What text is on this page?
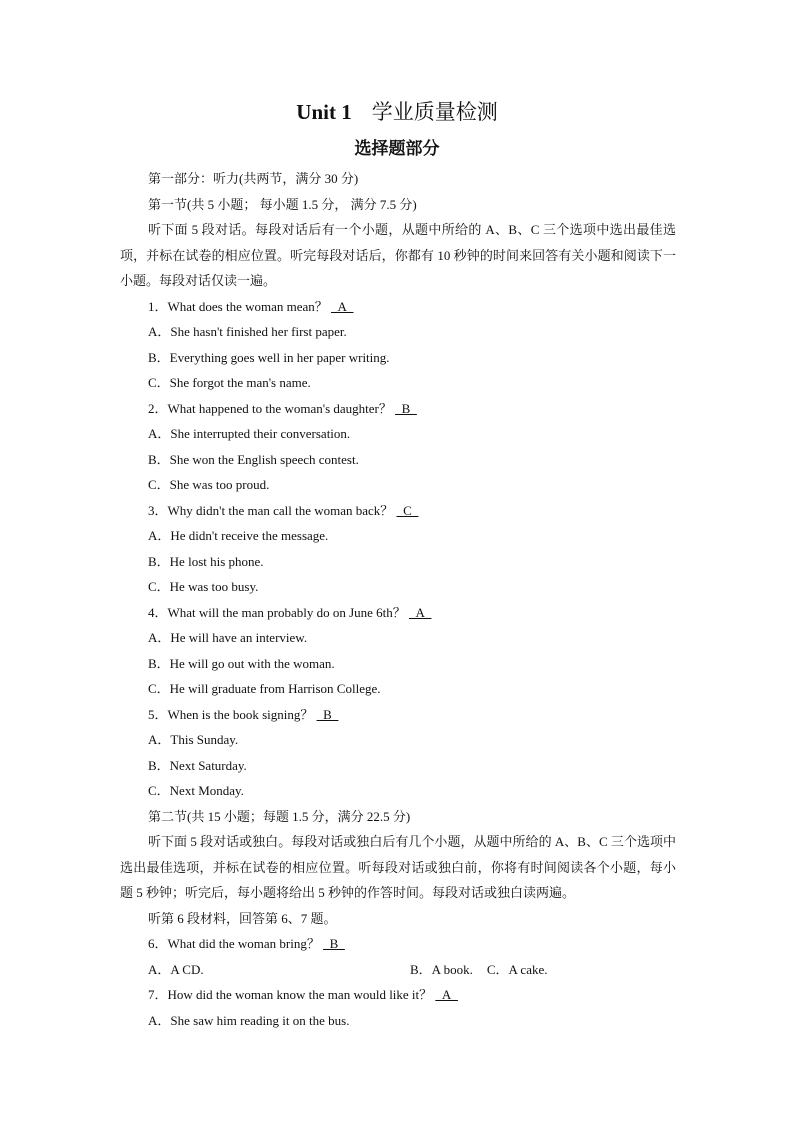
Unit 1 学业质量检测
选择题部分
第一部分：听力(共两节，满分 30 分)
第一节(共 5 小题； 每小题 1.5 分， 满分 7.5 分)
听下面 5 段对话。每段对话后有一个小题，从题中所给的 A、B、C 三个选项中选出最佳选项，并标在试卷的相应位置。听完每段对话后，你都有 10 秒钟的时间来回答有关小题和阅读下一小题。每段对话仅读一遍。
1．What does the woman mean？ _A_
A．She hasn't finished her first paper.
B．Everything goes well in her paper writing.
C．She forgot the man's name.
2．What happened to the woman's daughter？ _B_
A．She interrupted their conversation.
B．She won the English speech contest.
C．She was too proud.
3．Why didn't the man call the woman back？ _C_
A．He didn't receive the message.
B．He lost his phone.
C．He was too busy.
4．What will the man probably do on June 6th？ _A_
A．He will have an interview.
B．He will go out with the woman.
C．He will graduate from Harrison College.
5．When is the book signing？ _B_
A．This Sunday.
B．Next Saturday.
C．Next Monday.
第二节(共 15 小题；每题 1.5 分，满分 22.5 分)
听下面 5 段对话或独白。每段对话或独白后有几个小题，从题中所给的 A、B、C 三个选项中选出最佳选项，并标在试卷的相应位置。听每段对话或独白前，你将有时间阅读各个小题，每小题 5 秒钟；听完后，每小题将给出 5 秒钟的作答时间。每段对话或独白读两遍。
听第 6 段材料，回答第 6、7 题。
6．What did the woman bring？ _B_
A．A CD.	B．A book. C．A cake.
7．How did the woman know the man would like it？ _A_
A．She saw him reading it on the bus.
